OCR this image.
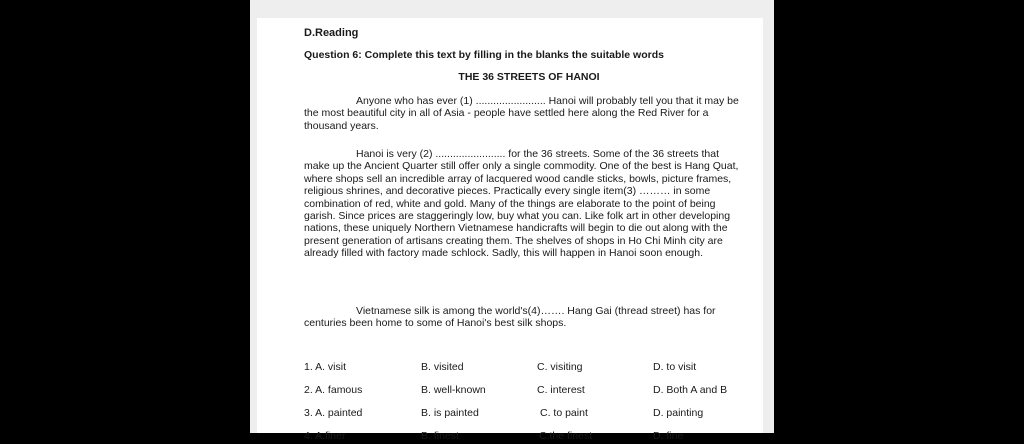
D.Reading
Question 6: Complete this text by filling in the blanks the suitable words
THE 36 STREETS OF HANOI

Anyone who has ever (1) ........................ Hanoi will probably tell you that it may be the most beautiful city in all of Asia - people have settled here along the Red River for a thousand years.

Hanoi is very (2) ........................ for the 36 streets. Some of the 36 streets that make up the Ancient Quarter still offer only a single commodity. One of the best is Hang Quat, where shops sell an incredible array of lacquered wood candle sticks, bowls, picture frames, religious shrines, and decorative pieces. Practically every single item(3) ……… in some combination of red, white and gold. Many of the things are elaborate to the point of being garish. Since prices are staggeringly low, buy what you can. Like folk art in other developing nations, these uniquely Northern Vietnamese handicrafts will begin to die out along with the present generation of artisans creating them. The shelves of shops in Ho Chi Minh city are already filled with factory made schlock. Sadly, this will happen in Hanoi soon enough.

Vietnamese silk is among the world's(4)……. Hang Gai (thread street) has for centuries been home to some of Hanoi's best silk shops.

1. A. visit	B. visited	C. visiting	D. to visit
2. A. famous	B. well-known	C. interest	D. Both A and B
3. A. painted	B. is painted	C. to paint	D. painting
4. A.finer	B. finest	C.the finest	D. fine
